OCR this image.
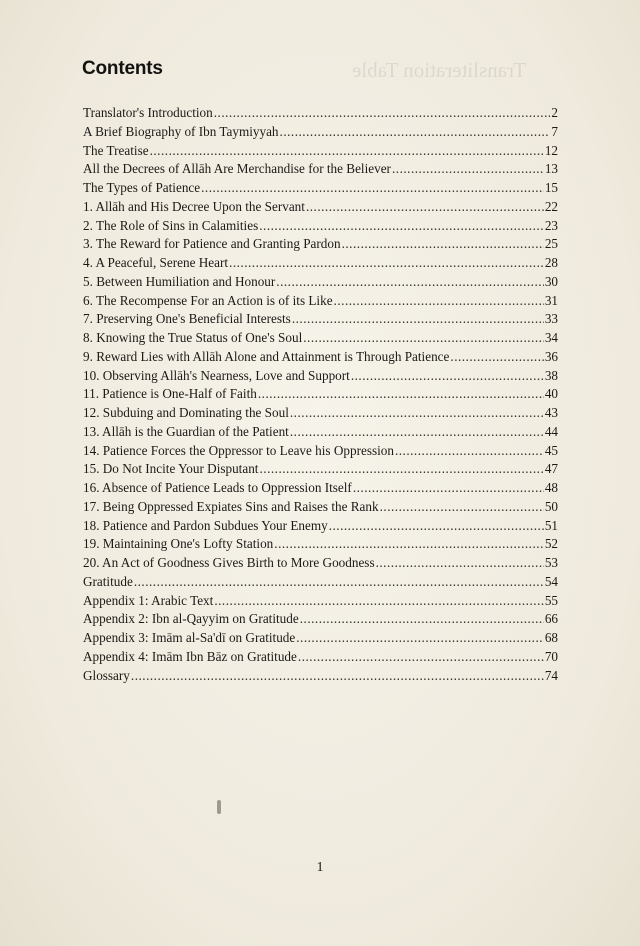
Transliteration Table
Contents
Translator's Introduction .....	2
A Brief Biography of Ibn Taymiyyah .....	7
The Treatise .....	12
All the Decrees of Allāh Are Merchandise for the Believer .....	13
The Types of Patience .....	15
1. Allāh and His Decree Upon the Servant .....	22
2. The Role of Sins in Calamities .....	23
3. The Reward for Patience and Granting Pardon .....	25
4. A Peaceful, Serene Heart .....	28
5. Between Humiliation and Honour .....	30
6. The Recompense For an Action is of its Like .....	31
7. Preserving One's Beneficial Interests .....	33
8. Knowing the True Status of One's Soul .....	34
9. Reward Lies with Allāh Alone and Attainment is Through Patience .....	36
10. Observing Allāh's Nearness, Love and Support .....	38
11. Patience is One-Half of Faith .....	40
12. Subduing and Dominating the Soul .....	43
13. Allāh is the Guardian of the Patient .....	44
14. Patience Forces the Oppressor to Leave his Oppression .....	45
15. Do Not Incite Your Disputant .....	47
16. Absence of Patience Leads to Oppression Itself .....	48
17. Being Oppressed Expiates Sins and Raises the Rank .....	50
18. Patience and Pardon Subdues Your Enemy .....	51
19. Maintaining One's Lofty Station .....	52
20. An Act of Goodness Gives Birth to More Goodness .....	53
Gratitude .....	54
Appendix 1: Arabic Text .....	55
Appendix 2: Ibn al-Qayyim on Gratitude .....	66
Appendix 3: Imām al-Sa'dī on Gratitude .....	68
Appendix 4: Imām Ibn Bāz on Gratitude .....	70
Glossary .....	74
1
